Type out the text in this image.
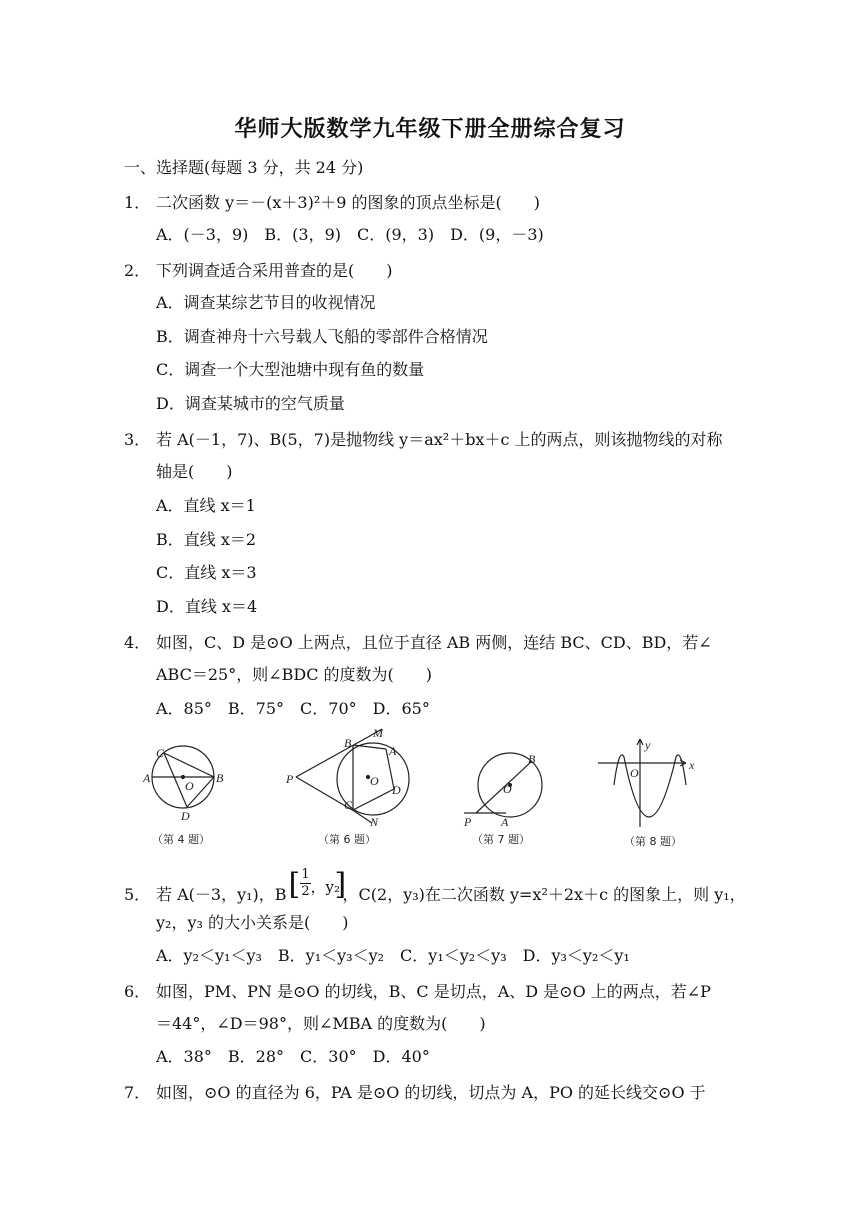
华师大版数学九年级下册全册综合复习
一、选择题(每题 3 分，共 24 分)
1． 二次函数 y＝－(x＋3)²＋9 的图象的顶点坐标是(　　)
A．(－3，9)　B．(3，9)　C．(9，3)　D．(9，－3)
2． 下列调查适合采用普查的是(　　)
A．调查某综艺节目的收视情况
B．调查神舟十六号载人飞船的零部件合格情况
C．调查一个大型池塘中现有鱼的数量
D．调查某城市的空气质量
3． 若 A(－1，7)、B(5，7)是抛物线 y＝ax²＋bx＋c 上的两点，则该抛物线的对称
轴是(　　)
A．直线 x＝1
B．直线 x＝2
C．直线 x＝3
D．直线 x＝4
4． 如图，C、D 是⊙O 上两点，且位于直径 AB 两侧，连结 BC、CD、BD，若∠
ABC＝25°，则∠BDC 的度数为(　　)
A．85°　B．75°　C．70°　D．65°
C
A
O
B
D
（第 4 题）
B
M
A
P	O
C
D
N
（第 6 题）
B
O
P A
（第 7 题）
y
O
x
（第 8 题）
5． 若 A(－3，y₁)，B [ 1
2 ，y₂
]
，C(2，y₃)在二次函数 y=x²＋2x＋c 的图象上，则 y₁，
y₂，y₃ 的大小关系是(　　)
A．y₂＜y₁＜y₃　B．y₁＜y₃＜y₂　C．y₁＜y₂＜y₃　D．y₃＜y₂＜y₁
6． 如图，PM、PN 是⊙O 的切线，B、C 是切点，A、D 是⊙O 上的两点，若∠P
＝44°，∠D＝98°，则∠MBA 的度数为(　　)
A．38°　B．28°　C．30°　D．40°
7． 如图，⊙O 的直径为 6，PA 是⊙O 的切线，切点为 A，PO 的延长线交⊙O 于
